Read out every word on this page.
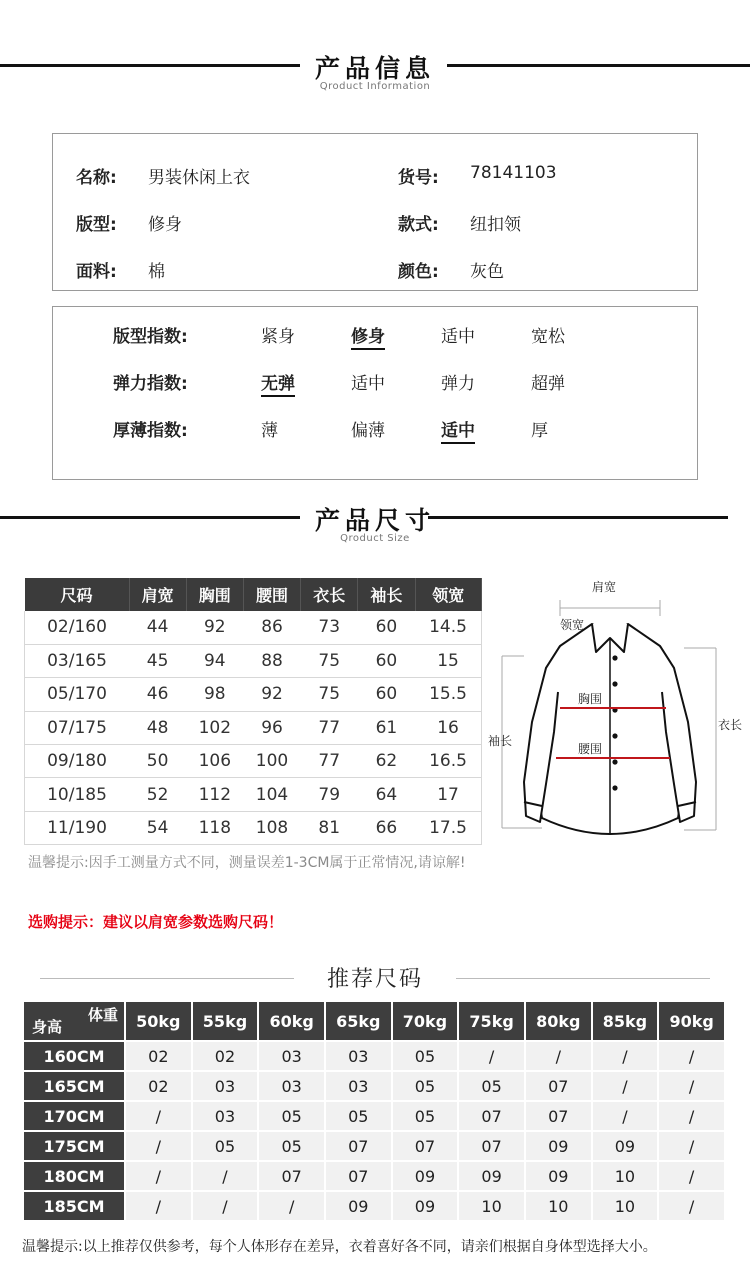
产品信息
Qroduct Information
名称: 男装休闲上衣	货号: 78141103
版型: 修身	款式: 纽扣领
面料: 棉	颜色: 灰色
版型指数:	紧身	修身	适中	宽松
弹力指数:	无弹	适中	弹力	超弹
厚薄指数:	薄	偏薄	适中	厚
产品尺寸
Qroduct Size
尺码	肩宽	胸围	腰围	衣长	袖长	领宽
02/160	44	92	86	73	60	14.5
03/165	45	94	88	75	60	15
05/170	46	98	92	75	60	15.5
07/175	48	102	96	77	61	16
09/180	50	106	100	77	62	16.5
10/185	52	112	104	79	64	17
11/190	54	118	108	81	66	17.5
温馨提示:因手工测量方式不同，测量误差1-3CM属于正常情况,请谅解!
选购提示：建议以肩宽参数选购尺码！
肩宽
领宽
胸围
腰围
袖长
衣长
推荐尺码
体重
身高	50kg	55kg	60kg	65kg	70kg	75kg	80kg	85kg	90kg
160CM	02	02	03	03	05	/	/	/	/
165CM	02	03	03	03	05	05	07	/	/
170CM	/	03	05	05	05	07	07	/	/
175CM	/	05	05	07	07	07	09	09	/
180CM	/	/	07	07	09	09	09	10	/
185CM	/	/	/	09	09	10	10	10	/
温馨提示:以上推荐仅供参考，每个人体形存在差异，衣着喜好各不同，请亲们根据自身体型选择大小。
